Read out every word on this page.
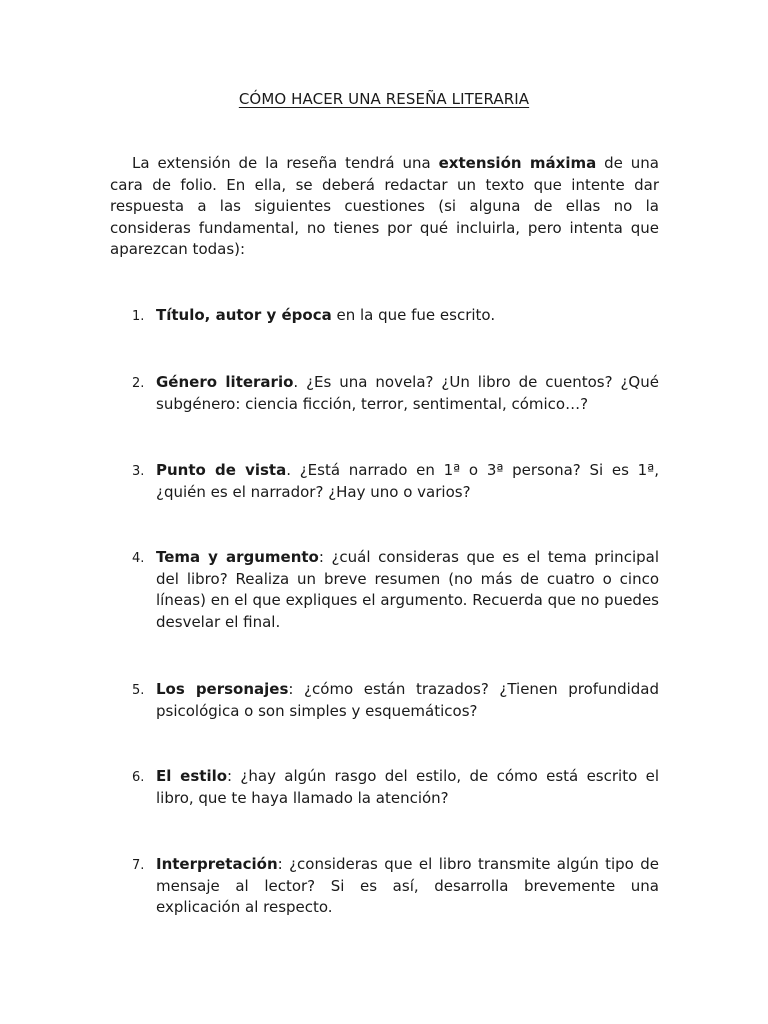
CÓMO HACER UNA RESEÑA LITERARIA

La extensión de la reseña tendrá una extensión máxima de una cara de folio. En ella, se deberá redactar un texto que intente dar respuesta a las siguientes cuestiones (si alguna de ellas no la consideras fundamental, no tienes por qué incluirla, pero intenta que aparezcan todas):

1. Título, autor y época en la que fue escrito.
2. Género literario. ¿Es una novela? ¿Un libro de cuentos? ¿Qué subgénero: ciencia ficción, terror, sentimental, cómico…?
3. Punto de vista. ¿Está narrado en 1ª o 3ª persona? Si es 1ª, ¿quién es el narrador? ¿Hay uno o varios?
4. Tema y argumento: ¿cuál consideras que es el tema principal del libro? Realiza un breve resumen (no más de cuatro o cinco líneas) en el que expliques el argumento. Recuerda que no puedes desvelar el final.
5. Los personajes: ¿cómo están trazados? ¿Tienen profundidad psicológica o son simples y esquemáticos?
6. El estilo: ¿hay algún rasgo del estilo, de cómo está escrito el libro, que te haya llamado la atención?
7. Interpretación: ¿consideras que el libro transmite algún tipo de mensaje al lector? Si es así, desarrolla brevemente una explicación al respecto.
